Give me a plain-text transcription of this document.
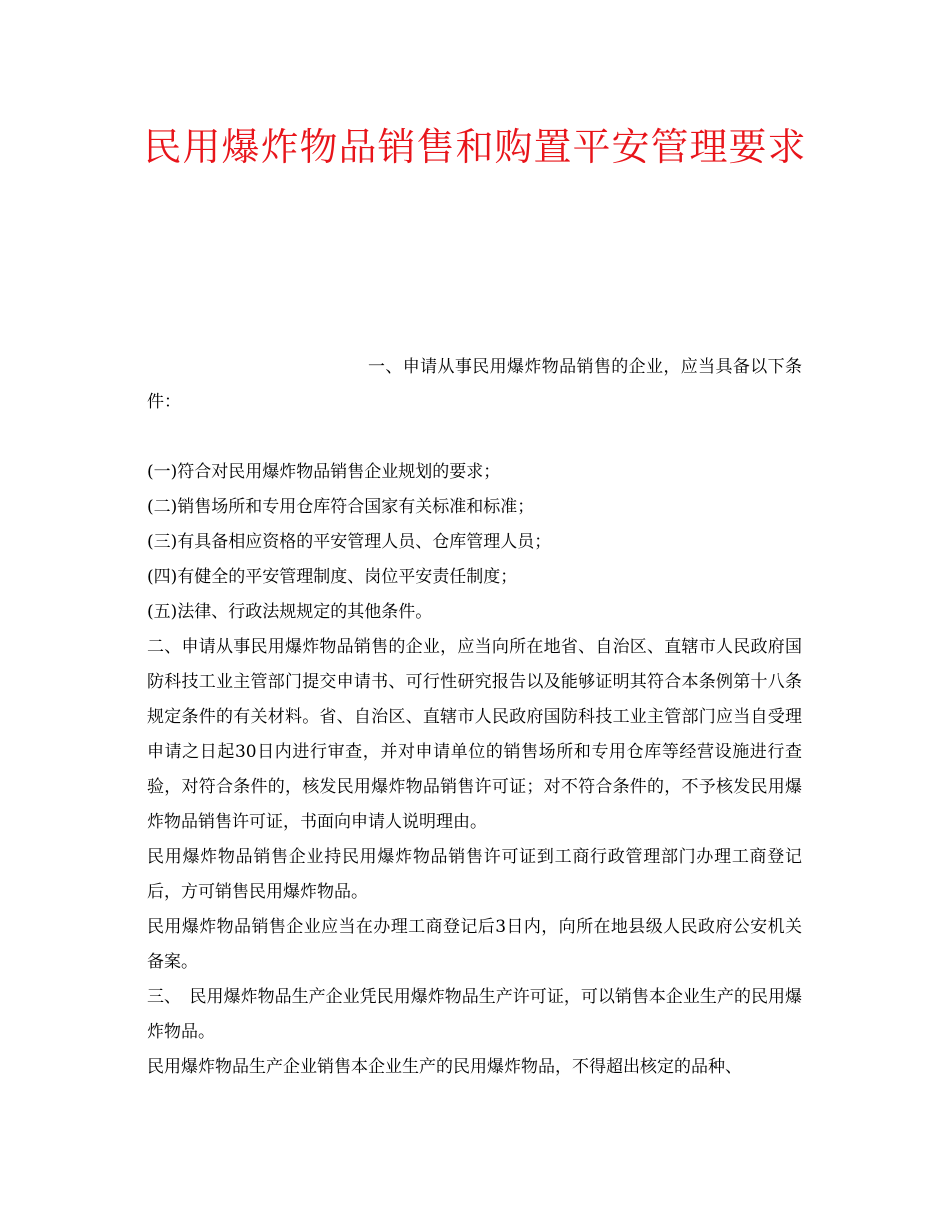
民用爆炸物品销售和购置平安管理要求

一、申请从事民用爆炸物品销售的企业，应当具备以下条件：

(一)符合对民用爆炸物品销售企业规划的要求；

(二)销售场所和专用仓库符合国家有关标准和标准；

(三)有具备相应资格的平安管理人员、仓库管理人员；

(四)有健全的平安管理制度、岗位平安责任制度；

(五)法律、行政法规规定的其他条件。

二、申请从事民用爆炸物品销售的企业，应当向所在地省、自治区、直辖市人民政府国防科技工业主管部门提交申请书、可行性研究报告以及能够证明其符合本条例第十八条规定条件的有关材料。省、自治区、直辖市人民政府国防科技工业主管部门应当自受理申请之日起30日内进行审查，并对申请单位的销售场所和专用仓库等经营设施进行查验，对符合条件的，核发民用爆炸物品销售许可证；对不符合条件的，不予核发民用爆炸物品销售许可证，书面向申请人说明理由。

民用爆炸物品销售企业持民用爆炸物品销售许可证到工商行政管理部门办理工商登记后，方可销售民用爆炸物品。

民用爆炸物品销售企业应当在办理工商登记后3日内，向所在地县级人民政府公安机关备案。

三、　民用爆炸物品生产企业凭民用爆炸物品生产许可证，可以销售本企业生产的民用爆炸物品。

民用爆炸物品生产企业销售本企业生产的民用爆炸物品，不得超出核定的品种、
